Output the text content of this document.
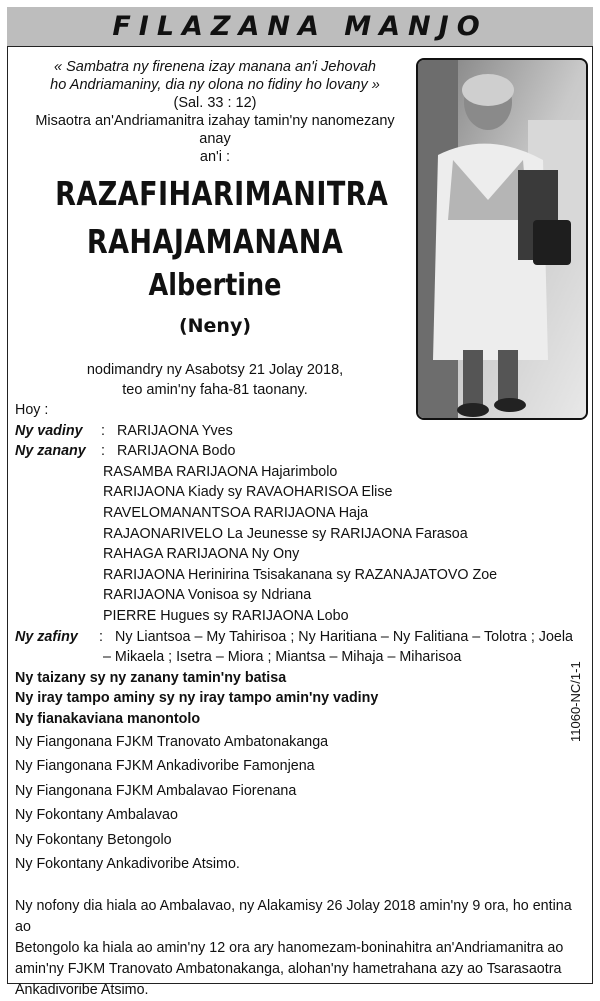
FILAZANA MANJO
« Sambatra ny firenena izay manana an'i Jehovah
ho Andriamaniny, dia ny olona no fidiny ho lovany »
(Sal. 33 : 12)
Misaotra an'Andriamanitra izahay tamin'ny nanomezany anay
an'i :
RAZAFIHARIMANITRA
RAHAJAMANANA
Albertine
(Neny)
nodimandry ny Asabotsy 21 Jolay 2018,
teo amin'ny faha-81 taonany.
Hoy :
Ny vadiny	: RARIJAONA Yves
Ny zanany	: RARIJAONA Bodo
RASAMBA RARIJAONA Hajarimbolo
RARIJAONA Kiady sy RAVAOHARISOA Elise
RAVELOMANANTSOA RARIJAONA Haja
RAJAONARIVELO La Jeunesse sy RARIJAONA Farasoa
RAHAGA RARIJAONA Ny Ony
RARIJAONA Herinirina Tsisakanana sy RAZANAJATOVO Zoe
RARIJAONA Vonisoa sy Ndriana
PIERRE Hugues sy RARIJAONA Lobo
Ny zafiny	: Ny Liantsoa – My Tahirisoa ; Ny Haritiana – Ny Falitiana – Tolotra ; Joela
– Mikaela ; Isetra – Miora ; Miantsa – Mihaja – Miharisoa
Ny taizany sy ny zanany tamin'ny batisa
Ny iray tampo aminy sy ny iray tampo amin'ny vadiny
Ny fianakaviana manontolo
Ny Fiangonana FJKM Tranovato Ambatonakanga
Ny Fiangonana FJKM Ankadivoribe Famonjena
Ny Fiangonana FJKM Ambalavao Fiorenana
Ny Fokontany Ambalavao
Ny Fokontany Betongolo
Ny Fokontany Ankadivoribe Atsimo.
11060-NC/1-1
Ny nofony dia hiala ao Ambalavao, ny Alakamisy 26 Jolay 2018 amin'ny 9 ora, ho entina ao
Betongolo ka hiala ao amin'ny 12 ora ary hanomezam-boninahitra an'Andriamanitra ao
amin'ny FJKM Tranovato Ambatonakanga, alohan'ny hametrahana azy ao Tsarasaotra
Ankadivoribe Atsimo.
